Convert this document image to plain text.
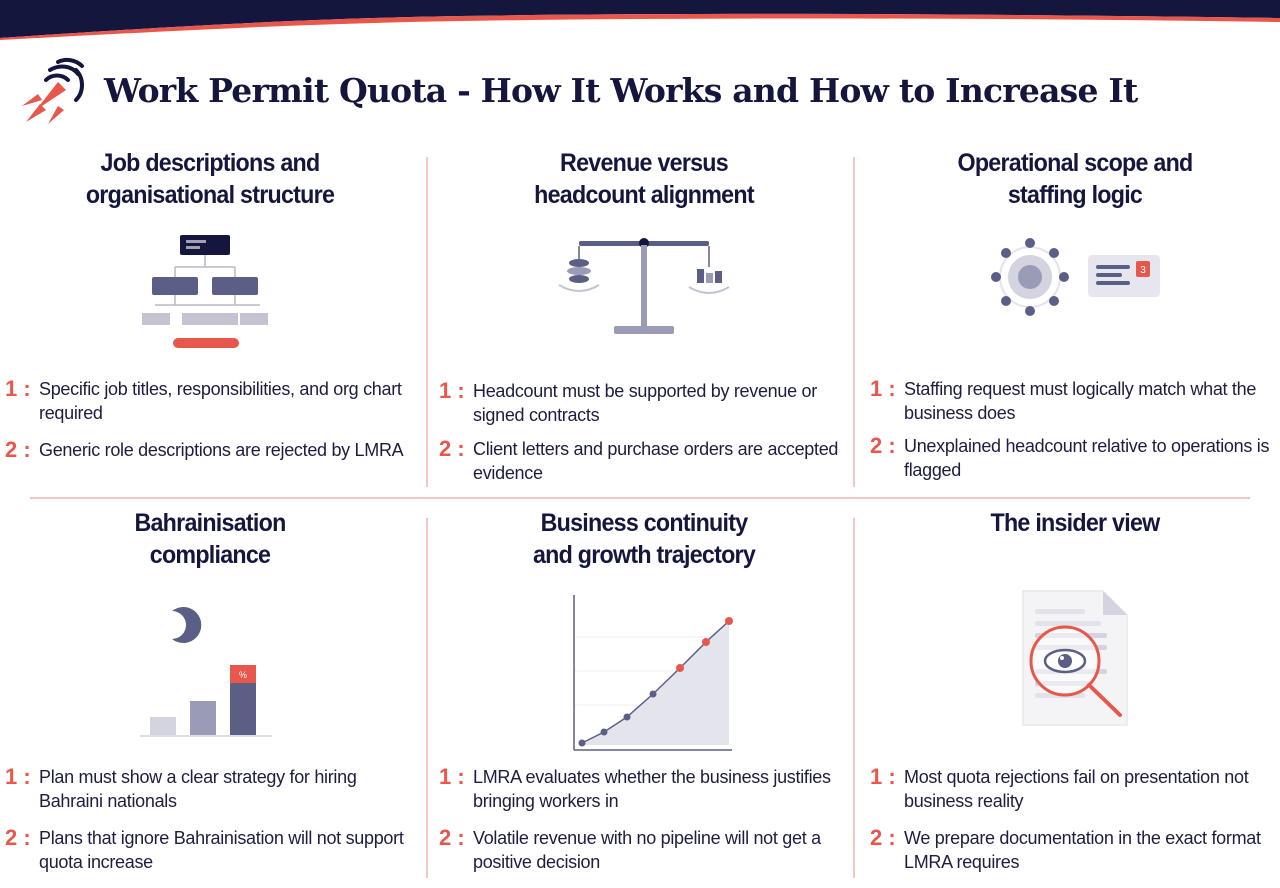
Work Permit Quota - How It Works and How to Increase It
Job descriptions and
organisational structure
1 : Specific job titles, responsibilities, and org chart required
2 : Generic role descriptions are rejected by LMRA
Revenue versus
headcount alignment
1 : Headcount must be supported by revenue or signed contracts
2 : Client letters and purchase orders are accepted evidence
Operational scope and
staffing logic
3
1 : Staffing request must logically match what the business does
2 : Unexplained headcount relative to operations is flagged
Bahrainisation
compliance
%
1 : Plan must show a clear strategy for hiring Bahraini nationals
2 : Plans that ignore Bahrainisation will not support quota increase
Business continuity
and growth trajectory
1 : LMRA evaluates whether the business justifies bringing workers in
2 : Volatile revenue with no pipeline will not get a positive decision
The insider view
1 : Most quota rejections fail on presentation not business reality
2 : We prepare documentation in the exact format LMRA requires
